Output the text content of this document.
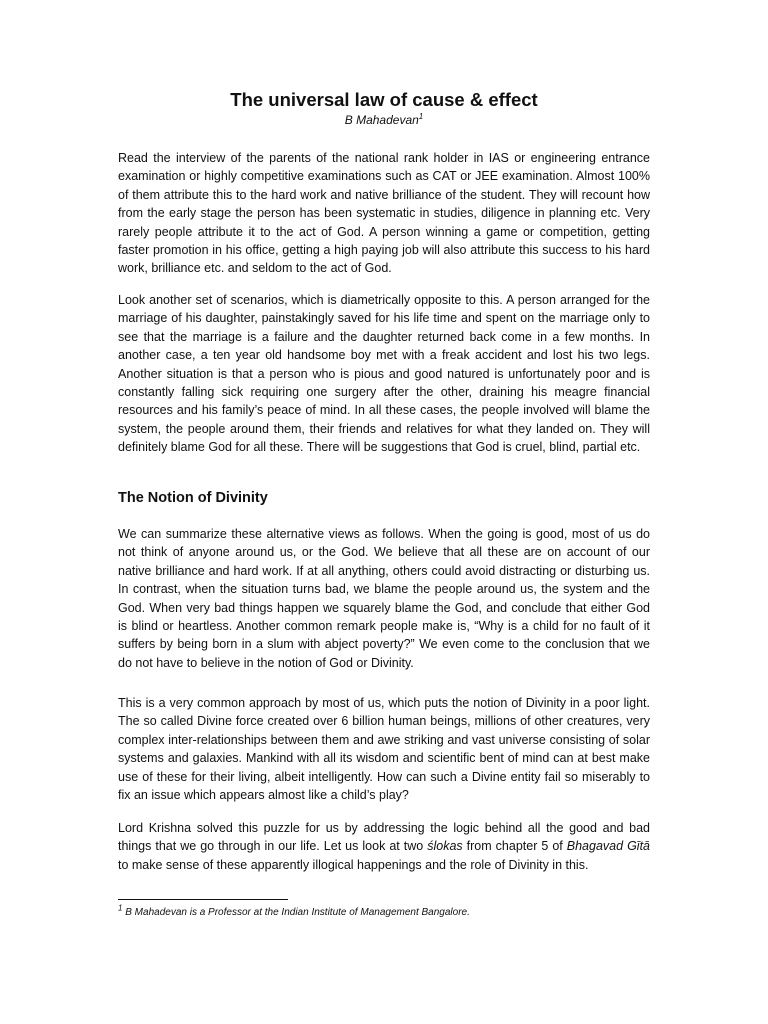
The universal law of cause & effect

B Mahadevan$^1$

Read the interview of the parents of the national rank holder in IAS or engineering entrance examination or highly competitive examinations such as CAT or JEE examination. Almost 100% of them attribute this to the hard work and native brilliance of the student. They will recount how from the early stage the person has been systematic in studies, diligence in planning etc. Very rarely people attribute it to the act of God. A person winning a game or competition, getting faster promotion in his office, getting a high paying job will also attribute this success to his hard work, brilliance etc. and seldom to the act of God.

Look another set of scenarios, which is diametrically opposite to this. A person arranged for the marriage of his daughter, painstakingly saved for his life time and spent on the marriage only to see that the marriage is a failure and the daughter returned back come in a few months. In another case, a ten year old handsome boy met with a freak accident and lost his two legs. Another situation is that a person who is pious and good natured is unfortunately poor and is constantly falling sick requiring one surgery after the other, draining his meagre financial resources and his family’s peace of mind. In all these cases, the people involved will blame the system, the people around them, their friends and relatives for what they landed on. They will definitely blame God for all these. There will be suggestions that God is cruel, blind, partial etc.

The Notion of Divinity

We can summarize these alternative views as follows. When the going is good, most of us do not think of anyone around us, or the God. We believe that all these are on account of our native brilliance and hard work. If at all anything, others could avoid distracting or disturbing us. In contrast, when the situation turns bad, we blame the people around us, the system and the God. When very bad things happen we squarely blame the God, and conclude that either God is blind or heartless. Another common remark people make is, “Why is a child for no fault of it suffers by being born in a slum with abject poverty?” We even come to the conclusion that we do not have to believe in the notion of God or Divinity.

This is a very common approach by most of us, which puts the notion of Divinity in a poor light. The so called Divine force created over 6 billion human beings, millions of other creatures, very complex inter-relationships between them and awe striking and vast universe consisting of solar systems and galaxies. Mankind with all its wisdom and scientific bent of mind can at best make use of these for their living, albeit intelligently. How can such a Divine entity fail so miserably to fix an issue which appears almost like a child’s play?

Lord Krishna solved this puzzle for us by addressing the logic behind all the good and bad things that we go through in our life. Let us look at two ślokas from chapter 5 of Bhagavad Gītā to make sense of these apparently illogical happenings and the role of Divinity in this.

$^1$ B Mahadevan is a Professor at the Indian Institute of Management Bangalore.
